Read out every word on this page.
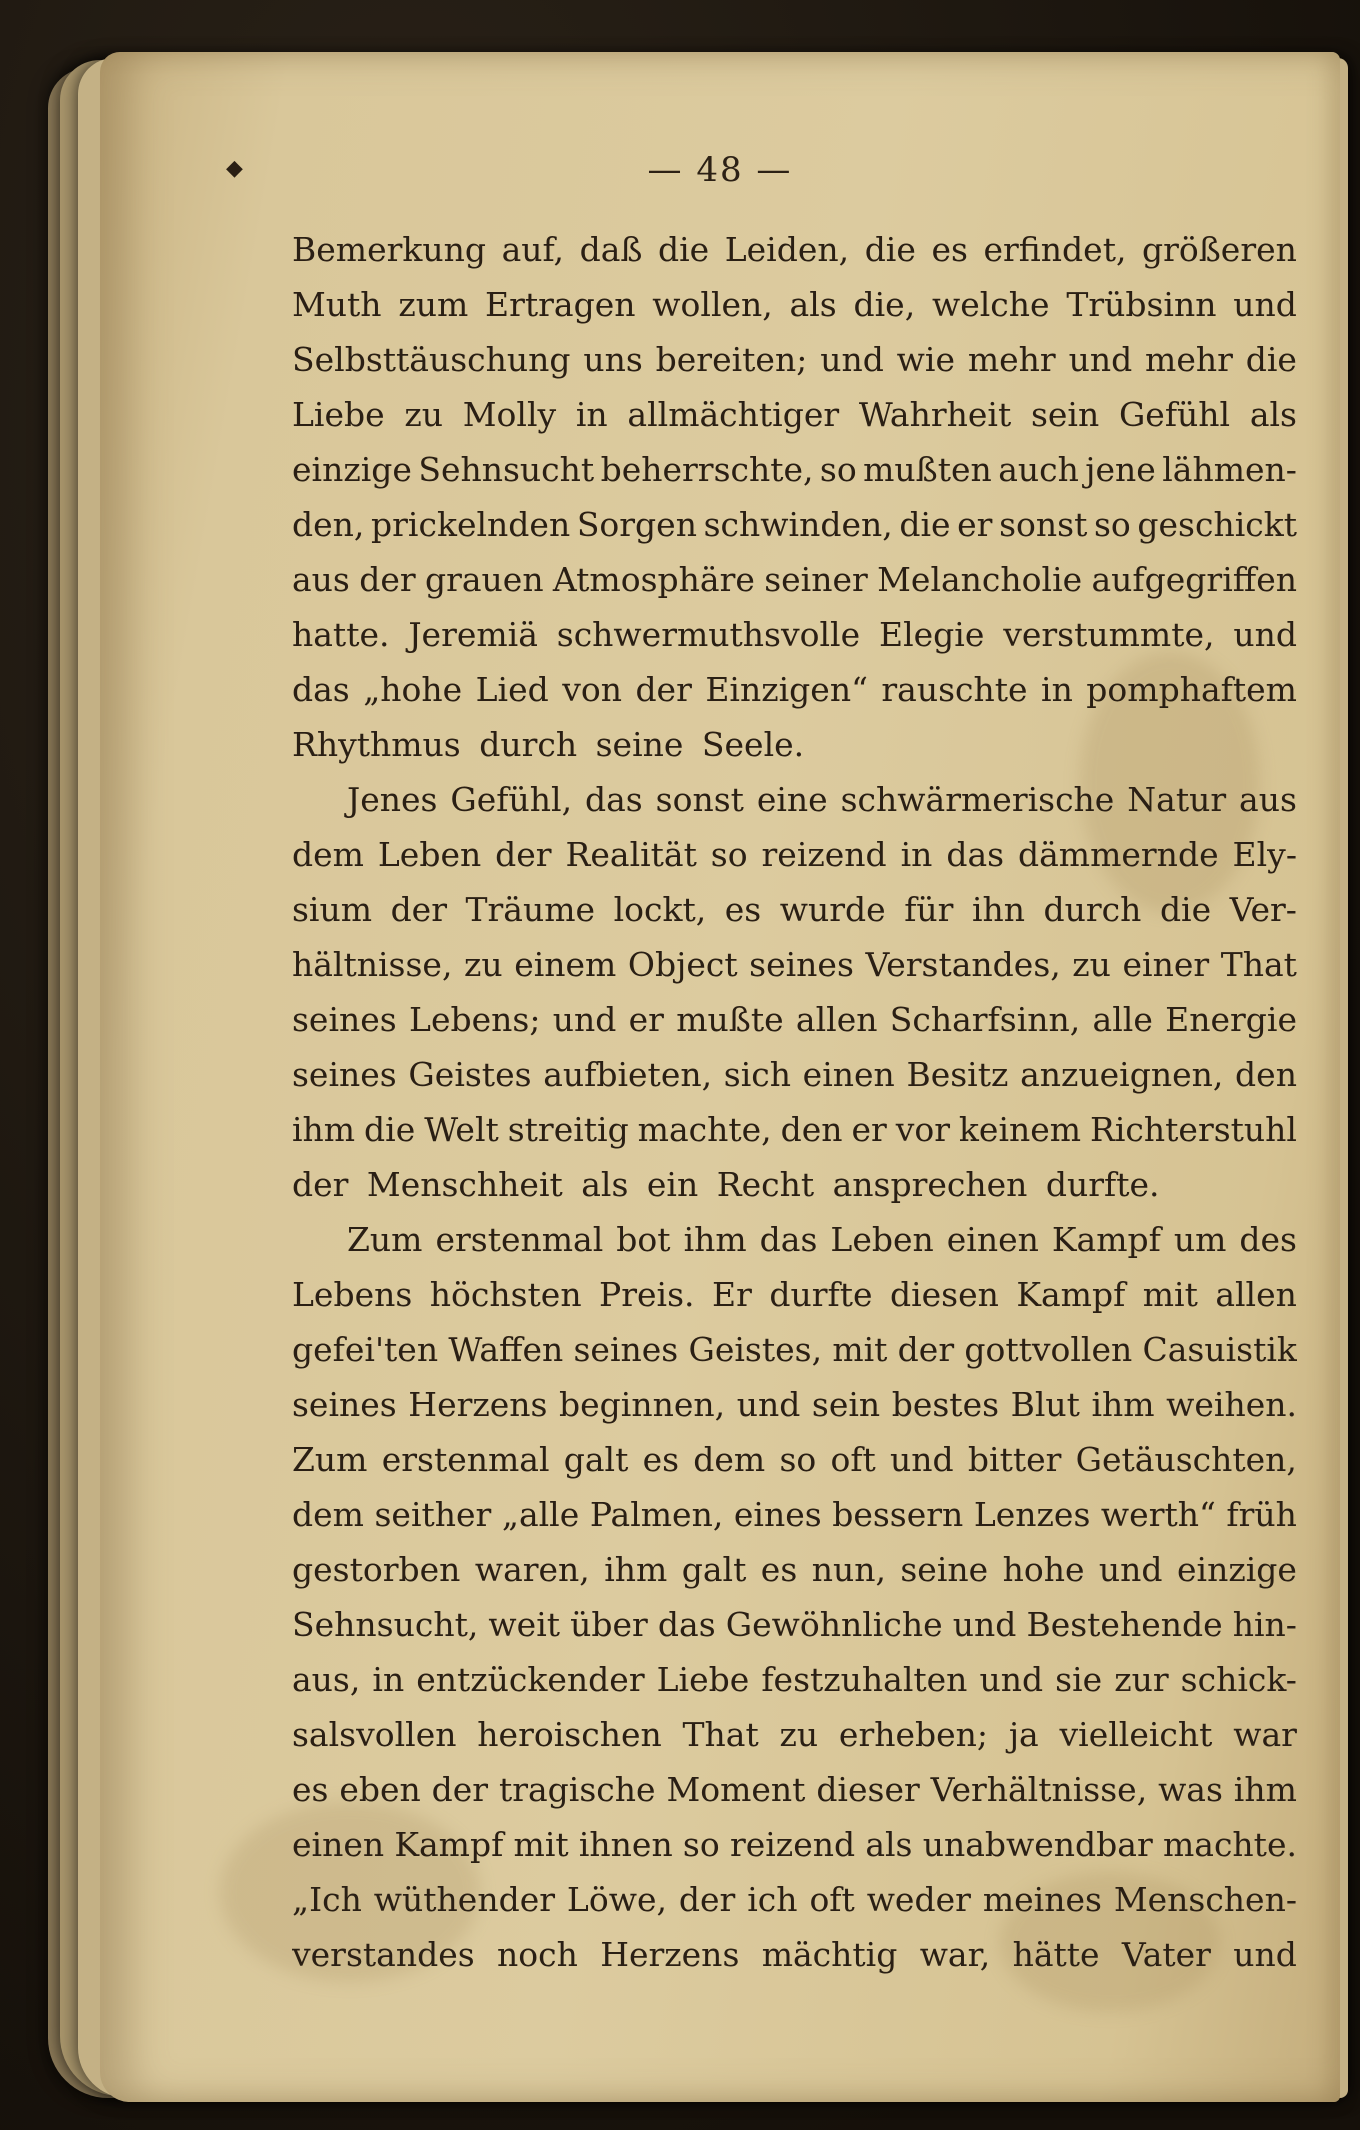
◆	— 48 —
Bemerkung auf, daß die Leiden, die es erfindet, größeren
Muth zum Ertragen wollen, als die, welche Trübsinn und
Selbsttäuschung uns bereiten; und wie mehr und mehr die
Liebe zu Molly in allmächtiger Wahrheit sein Gefühl als
einzige Sehnsucht beherrschte, so mußten auch jene lähmen-
den, prickelnden Sorgen schwinden, die er sonst so geschickt
aus der grauen Atmosphäre seiner Melancholie aufgegriffen
hatte. Jeremiä schwermuthsvolle Elegie verstummte, und
das „hohe Lied von der Einzigen“ rauschte in pomphaftem
Rhythmus durch seine Seele.
Jenes Gefühl, das sonst eine schwärmerische Natur aus
dem Leben der Realität so reizend in das dämmernde Ely-
sium der Träume lockt, es wurde für ihn durch die Ver-
hältnisse, zu einem Object seines Verstandes, zu einer That
seines Lebens; und er mußte allen Scharfsinn, alle Energie
seines Geistes aufbieten, sich einen Besitz anzueignen, den
ihm die Welt streitig machte, den er vor keinem Richterstuhl
der Menschheit als ein Recht ansprechen durfte.
Zum erstenmal bot ihm das Leben einen Kampf um des
Lebens höchsten Preis. Er durfte diesen Kampf mit allen
gefei'ten Waffen seines Geistes, mit der gottvollen Casuistik
seines Herzens beginnen, und sein bestes Blut ihm weihen.
Zum erstenmal galt es dem so oft und bitter Getäuschten,
dem seither „alle Palmen, eines bessern Lenzes werth“ früh
gestorben waren, ihm galt es nun, seine hohe und einzige
Sehnsucht, weit über das Gewöhnliche und Bestehende hin-
aus, in entzückender Liebe festzuhalten und sie zur schick-
salsvollen heroischen That zu erheben; ja vielleicht war
es eben der tragische Moment dieser Verhältnisse, was ihm
einen Kampf mit ihnen so reizend als unabwendbar machte.
„Ich wüthender Löwe, der ich oft weder meines Menschen-
verstandes noch Herzens mächtig war, hätte Vater und
